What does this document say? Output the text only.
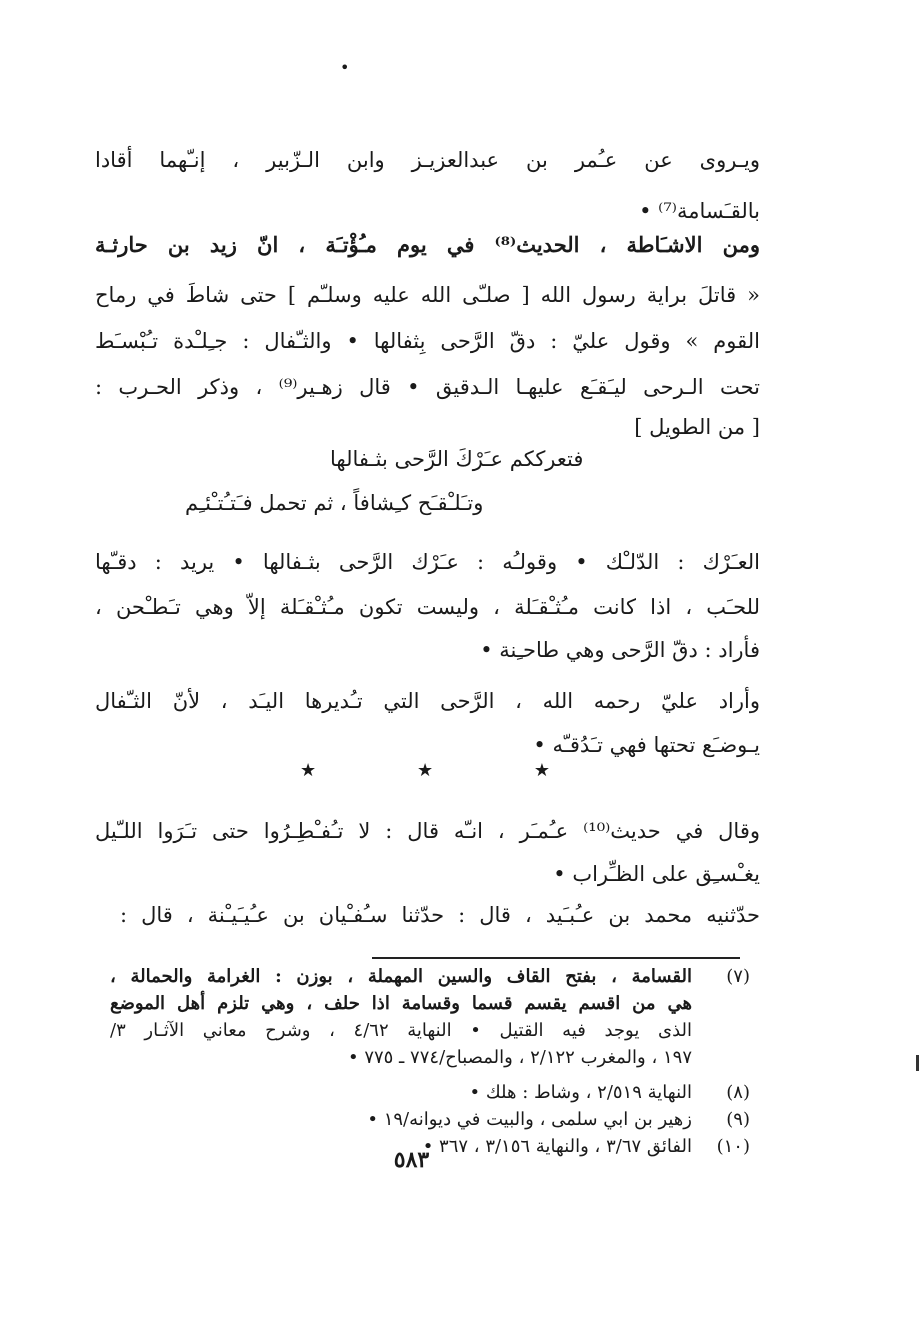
•
ويـروى عن عـُمر بن عبدالعزيـز وابن الـزّبير ، إنـّهما أقادا
بالقـَسامة⁽⁷⁾ •
ومن الاشـَاطة ، الحديث⁽⁸⁾ في يوم مـُؤْتـَة ، انّ زيد بن حارثـة
« قاتلَ براية رسول الله [ صلـّى الله عليه وسلـّم ] حتى شاطَ في رماح
القوم » وقول عليّ : دقّ الرَّحى بِثفالها • والثـّفال : جـِلـْدة تـُبْسـَط
تحت الـرحى ليـَقـَع عليهـا الـدقيق • قال زهـير⁽⁹⁾ ، وذكر الحـرب :
[ من الطويل ]
العـَرْك : الدّلـْك • وقولـُه : عـَرْك الرَّحى بثـفالها • يريد : دقـّها
للحـَب ، اذا كانت مـُثـْقـَلة ، وليست تكون مـُثـْقـَلة إلاّ وهي تـَطـْحن ،
فأراد : دقّ الرَّحى وهي طاحـِنة •
وأراد عليّ رحمه الله ، الرَّحى التي تـُديرها اليـَد ، لأنّ الثـّفال
يـوضـَع تحتها فهي تـَدُقـّه •
وقال في حديث⁽¹⁰⁾ عـُمـَر ، انـّه قال : لا تـُفـْطِـرُوا حتى تـَرَوا اللـّيل
يغـْسـِق على الظـِّراب •
حدّثنيه محمد بن عـُبـَيد ، قال : حدّثنا سـُفـْيان بن عـُيـَيـْنة ، قال :
فتعرككم عـَرْكَ الرَّحى بثـفالها
وتـَلـْقـَح كـِشافاً ، ثم تحمل فـَتـُتـْئـِم
★
★
★
(٧)
القسامة ، بفتح القاف والسين المهملة ، بوزن : الغرامة والحمالة ،
هي من اقسم يقسم قسما وقسامة اذا حلف ، وهي تلزم أهل الموضع
الذى يوجد فيه القتيل • النهاية ٤/٦٢ ، وشرح معاني الآثـار ٣/
١٩٧ ، والمغرب ٢/١٢٢ ، والمصباح/٧٧٤ ـ ٧٧٥ •
(٨)
النهاية ٢/٥١٩ ، وشاط : هلك •
(٩)
زهير بن ابي سلمى ، والبيت في ديوانه/١٩ •
(١٠)
الفائق ٣/٦٧ ، والنهاية ٣/١٥٦ ، ٣٦٧ •
٥٨٣
